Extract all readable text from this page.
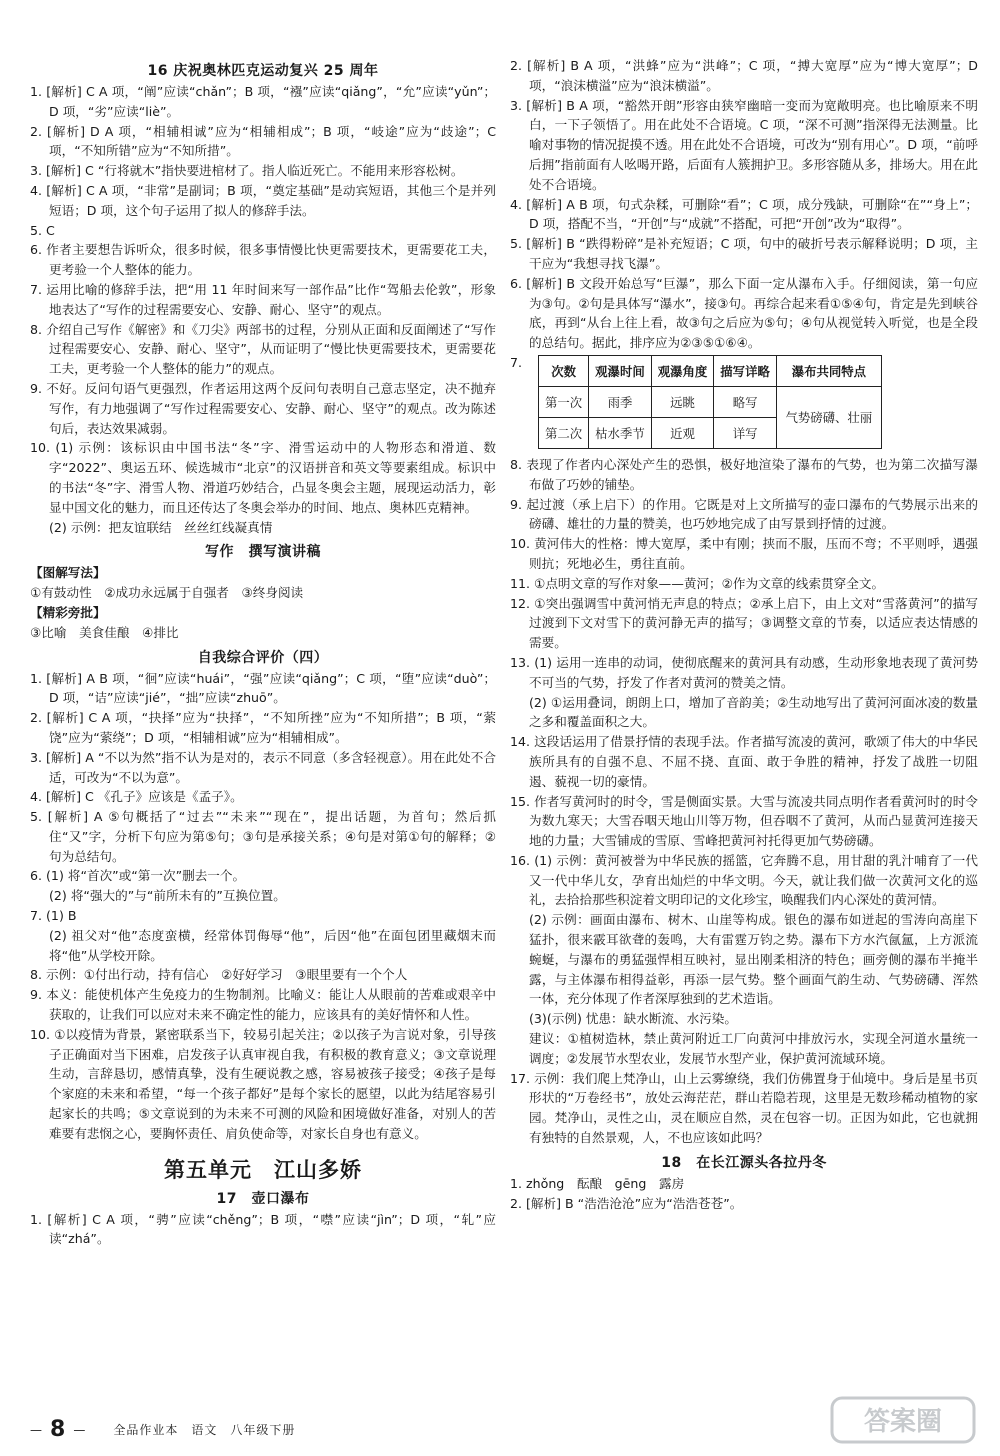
16 庆祝奥林匹克运动复兴 25 周年

1. [解析] C A 项，“阐”应读“chǎn”；B 项，“襁”应读“qiǎng”，“允”应读“yǔn”；D 项，“劣”应读“liè”。

2. [解析] D A 项，“相辅相诚”应为“相辅相成”；B 项，“岐途”应为“歧途”；C 项，“不知所错”应为“不知所措”。

3. [解析] C “行将就木”指快要进棺材了。指人临近死亡。不能用来形容松树。

4. [解析] C A 项，“非常”是副词；B 项，“奠定基础”是动宾短语，其他三个是并列短语；D 项，这个句子运用了拟人的修辞手法。

5. C

6. 作者主要想告诉听众，很多时候，很多事情慢比快更需要技术，更需要花工夫，更考验一个人整体的能力。

7. 运用比喻的修辞手法，把“用 11 年时间来写一部作品”比作“驾船去伦敦”，形象地表达了“写作的过程需要安心、安静、耐心、坚守”的观点。

8. 介绍自己写作《解密》和《刀尖》两部书的过程，分别从正面和反面阐述了“写作过程需要安心、安静、耐心、坚守”，从而证明了“慢比快更需要技术，更需要花工夫，更考验一个人整体的能力”的观点。

9. 不好。反问句语气更强烈，作者运用这两个反问句表明自己意志坚定，决不抛弃写作，有力地强调了“写作过程需要安心、安静、耐心、坚守”的观点。改为陈述句后，表达效果减弱。

10. (1) 示例：该标识由中国书法“冬”字、滑雪运动中的人物形态和滑道、数字“2022”、奥运五环、候选城市“北京”的汉语拼音和英文等要素组成。标识中的书法“冬”字、滑雪人物、滑道巧妙结合，凸显冬奥会主题，展现运动活力，彰显中国文化的魅力，而且还传达了冬奥会举办的时间、地点、奥林匹克精神。

(2) 示例：把友谊联结　丝丝红线凝真情

写作　撰写演讲稿

【图解写法】

①有鼓动性　②成功永远属于自强者　③终身阅读

【精彩旁批】

③比喻　美食佳酿　④排比

自我综合评价（四）

1. [解析] A B 项，“徊”应读“huái”，“强”应读“qiǎng”；C 项，“堕”应读“duò”；D 项，“诘”应读“jié”，“拙”应读“zhuō”。

2. [解析] C A 项，“抉择”应为“抉择”，“不知所挫”应为“不知所措”；B 项，“萦饶”应为“萦绕”；D 项，“相辅相诚”应为“相辅相成”。

3. [解析] A “不以为然”指不认为是对的，表示不同意（多含轻视意）。用在此处不合适，可改为“不以为意”。

4. [解析] C 《孔子》应该是《孟子》。

5. [解析] A ⑤句概括了“过去”“未来”“现在”，提出话题，为首句；然后抓住“又”字，分析下句应为第⑤句；③句是承接关系；④句是对第①句的解释；②句为总结句。

6. (1) 将“首次”或“第一次”删去一个。

(2) 将“强大的”与“前所未有的”互换位置。

7. (1) B

(2) 祖父对“他”态度蛮横，经常体罚侮辱“他”，后因“他”在面包团里藏烟末而将“他”从学校开除。

8. 示例：①付出行动，持有信心　②好好学习　③眼里要有一个个人

9. 本义：能使机体产生免疫力的生物制剂。比喻义：能让人从眼前的苦难或艰辛中获取的，让我们可以应对未来不确定性的能力，应该具有的美好情怀和人性。

10. ①以疫情为背景，紧密联系当下，较易引起关注；②以孩子为言说对象，引导孩子正确面对当下困难，启发孩子认真审视自我，有积极的教育意义；③文章说理生动，言辞恳切，感情真挚，没有生硬说教之感，容易被孩子接受；④孩子是每个家庭的未来和希望，“每一个孩子都好”是每个家长的愿望，以此为结尾容易引起家长的共鸣；⑤文章说到的为未来不可测的风险和困境做好准备，对别人的苦难要有悲悯之心，要胸怀责任、肩负使命等，对家长自身也有意义。

第五单元　江山多娇
17　壶口瀑布

1. [解析] C A 项，“骋”应读“chěng”；B 项，“噤”应读“jìn”；D 项，“轧”应读“zhá”。

2. [解析] B A 项，“洪蜂”应为“洪峰”；C 项，“搏大宽厚”应为“博大宽厚”；D 项，“浪沫横溢”应为“浪沫横溢”。

3. [解析] B A 项，“豁然开朗”形容由狭窄幽暗一变而为宽敞明亮。也比喻原来不明白，一下子领悟了。用在此处不合语境。C 项，“深不可测”指深得无法测量。比喻对事物的情况捉摸不透。用在此处不合语境，可改为“别有用心”。D 项，“前呼后拥”指前面有人吆喝开路，后面有人簇拥护卫。多形容随从多，排场大。用在此处不合语境。

4. [解析] A B 项，句式杂糅，可删除“看”；C 项，成分残缺，可删除“在”“身上”；D 项，搭配不当，“开创”与“成就”不搭配，可把“开创”改为“取得”。

5. [解析] B “跌得粉碎”是补充短语；C 项，句中的破折号表示解释说明；D 项，主干应为“我想寻找飞瀑”。

6. [解析] B 文段开始总写“巨瀑”，那么下面一定从瀑布入手。仔细阅读，第一句应为③句。②句是具体写“瀑水”，接③句。再综合起来看①⑤④句，肯定是先到峡谷底，再到“从台上往上看，故③句之后应为⑤句；④句从视觉转入听觉，也是全段的总结句。据此，排序应为②③⑤①⑥④。

7.
次数	观瀑时间	观瀑角度	描写详略	瀑布共同特点
第一次	雨季	远眺	略写	气势磅礴、壮丽
第二次	枯水季节	近观	详写	

8. 表现了作者内心深处产生的恐惧，极好地渲染了瀑布的气势，也为第二次描写瀑布做了巧妙的铺垫。

9. 起过渡（承上启下）的作用。它既是对上文所描写的壶口瀑布的气势展示出来的磅礴、雄壮的力量的赞美，也巧妙地完成了由写景到抒情的过渡。

10. 黄河伟大的性格：博大宽厚，柔中有刚；挟而不服，压而不弯；不平则呼，遇强则抗；死地必生，勇往直前。

11. ①点明文章的写作对象——黄河；②作为文章的线索贯穿全文。

12. ①突出强调雪中黄河悄无声息的特点；②承上启下，由上文对“雪落黄河”的描写过渡到下文对雪下的黄河静无声的描写；③调整文章的节奏，以适应表达情感的需要。

13. (1) 运用一连串的动词，使彻底醒来的黄河具有动感，生动形象地表现了黄河势不可当的气势，抒发了作者对黄河的赞美之情。

(2) ①运用叠词，朗朗上口，增加了音韵美；②生动地写出了黄河河面冰凌的数量之多和覆盖面积之大。

14. 这段话运用了借景抒情的表现手法。作者描写流凌的黄河，歌颂了伟大的中华民族所具有的自强不息、不屈不挠、直面、敢于争胜的精神，抒发了战胜一切阻遏、藐视一切的豪情。

15. 作者写黄河时的时令，雪是侧面实景。大雪与流凌共同点明作者看黄河时的时令为数九寒天；大雪吞咽天地山川等万物，但吞咽不了黄河，从而凸显黄河连接天地的力量；大雪铺成的雪原、雪峰把黄河衬托得更加气势磅礴。

16. (1) 示例：黄河被誉为中华民族的摇篮，它奔腾不息，用甘甜的乳汁哺育了一代又一代中华儿女，孕育出灿烂的中华文明。今天，就让我们做一次黄河文化的巡礼，去拾拾那些积淀着文明印记的文化珍宝，唤醒我们内心深处的黄河情。

(2) 示例：画面由瀑布、树木、山崖等构成。银色的瀑布如迸起的雪涛向高崖下猛扑，很来霰耳欲聋的轰鸣，大有雷霆万钧之势。瀑布下方水汽氤氲，上方派流蜿蜒，与瀑布的勇猛强悍相互映衬，显出刚柔相济的特色；画旁侧的瀑布半掩半露，与主体瀑布相得益彰，再添一层气势。整个画面气韵生动、气势磅礴、浑然一体，充分体现了作者深厚独到的艺术造诣。

(3)(示例) 忧患：缺水断流、水污染。

建议：①植树造林，禁止黄河附近工厂向黄河中排放污水，实现全河道水量统一调度；②发展节水型农业，发展节水型产业，保护黄河流域环境。

17. 示例：我们爬上梵净山，山上云雾缭绕，我们仿佛置身于仙境中。身后是星书页形状的“万卷经书”，放处云海茫茫，群山若隐若现，这里是无数珍稀动植物的家园。梵净山，灵性之山，灵在顺应自然，灵在包容一切。正因为如此，它也就拥有独特的自然景观，人，不也应该如此吗？

18　在长江源头各拉丹冬

1. zhǒng　酝酿　gēng　露房

2. [解析] B “浩浩沧沧”应为“浩浩苍苍”。

— 8 — 全品作业本　语文　八年级下册	答案圈
